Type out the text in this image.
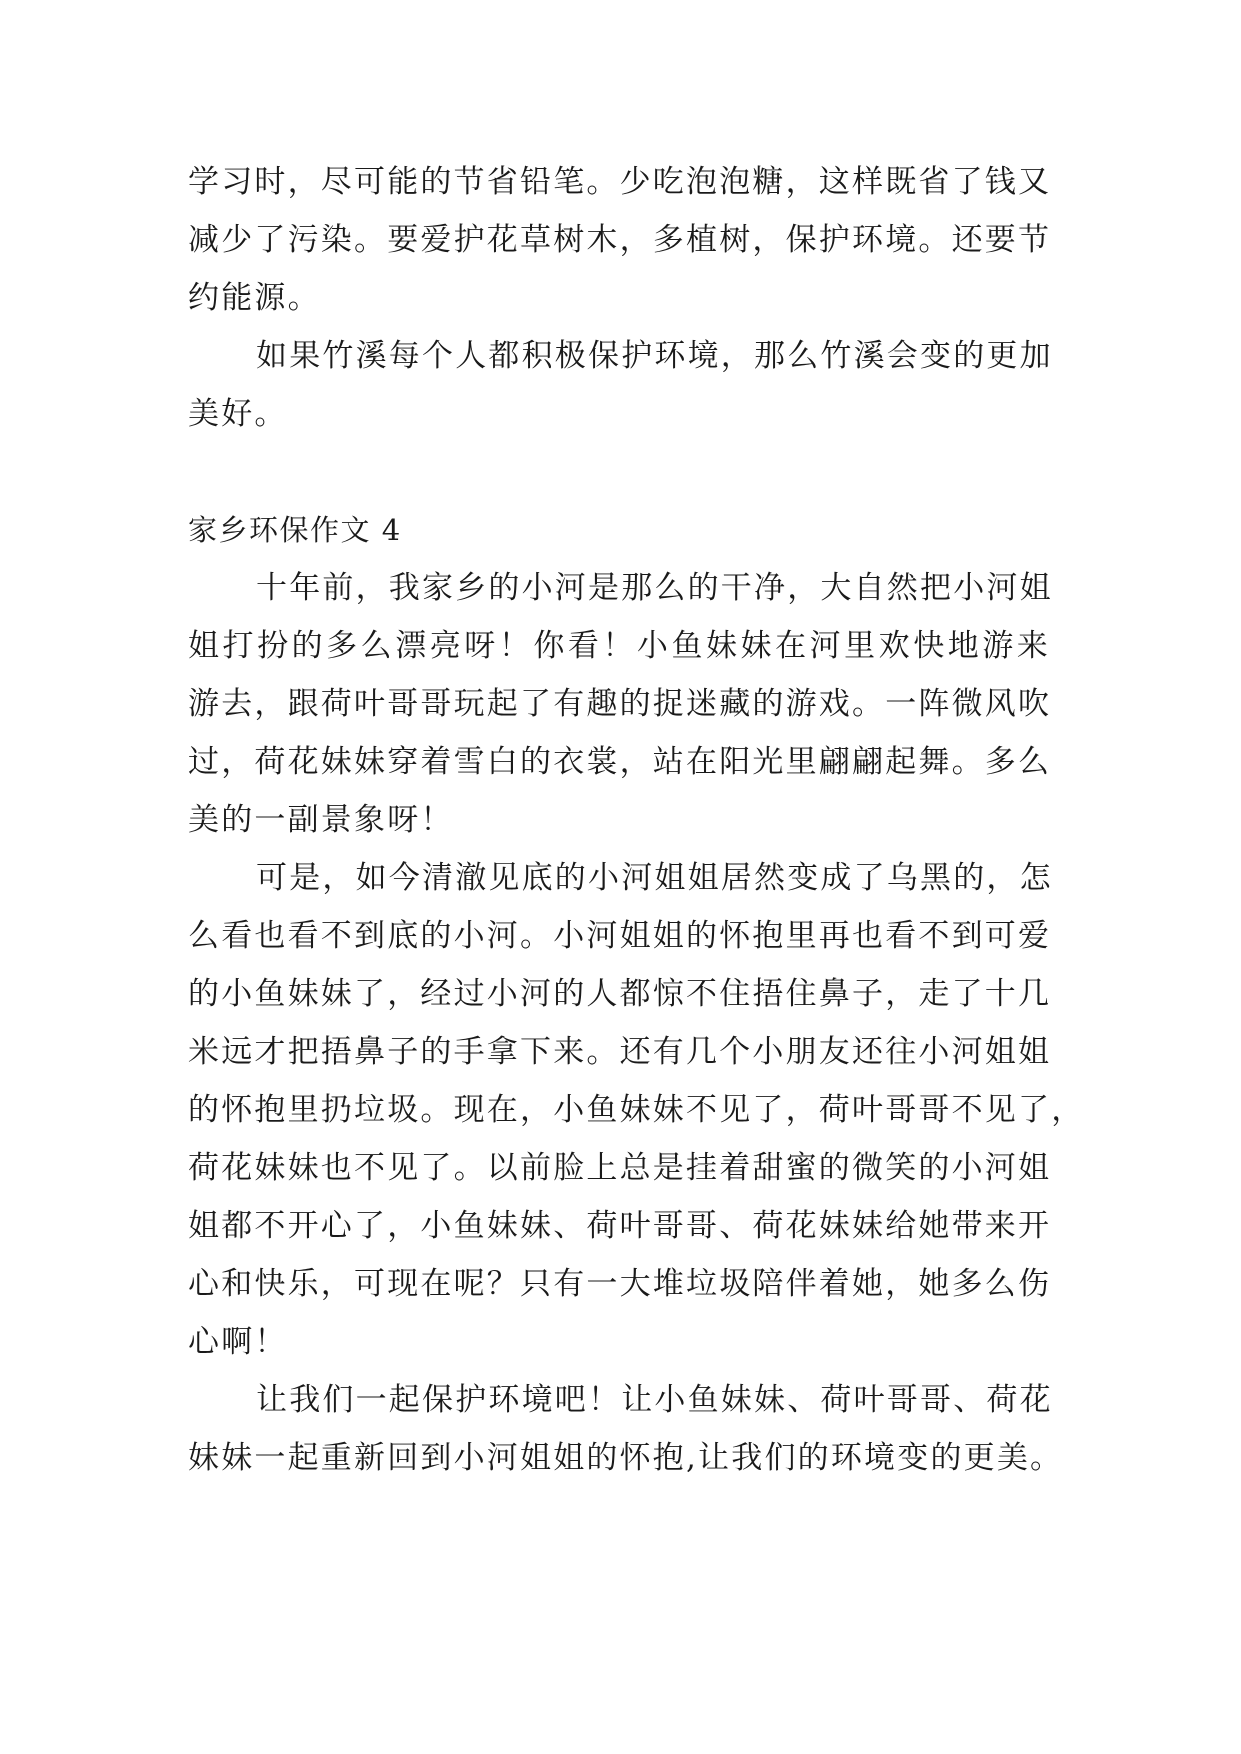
学习时，尽可能的节省铅笔。少吃泡泡糖，这样既省了钱又
减少了污染。要爱护花草树木，多植树，保护环境。还要节
约能源。
如果竹溪每个人都积极保护环境，那么竹溪会变的更加
美好。
家乡环保作文 4
十年前，我家乡的小河是那么的干净，大自然把小河姐
姐打扮的多么漂亮呀！你看！小鱼妹妹在河里欢快地游来
游去，跟荷叶哥哥玩起了有趣的捉迷藏的游戏。一阵微风吹
过，荷花妹妹穿着雪白的衣裳，站在阳光里翩翩起舞。多么
美的一副景象呀！
可是，如今清澈见底的小河姐姐居然变成了乌黑的，怎
么看也看不到底的小河。小河姐姐的怀抱里再也看不到可爱
的小鱼妹妹了，经过小河的人都惊不住捂住鼻子，走了十几
米远才把捂鼻子的手拿下来。还有几个小朋友还往小河姐姐
的怀抱里扔垃圾。现在，小鱼妹妹不见了，荷叶哥哥不见了，
荷花妹妹也不见了。以前脸上总是挂着甜蜜的微笑的小河姐
姐都不开心了，小鱼妹妹、荷叶哥哥、荷花妹妹给她带来开
心和快乐，可现在呢？只有一大堆垃圾陪伴着她，她多么伤
心啊！
让我们一起保护环境吧！让小鱼妹妹、荷叶哥哥、荷花
妹妹一起重新回到小河姐姐的怀抱,让我们的环境变的更美。
